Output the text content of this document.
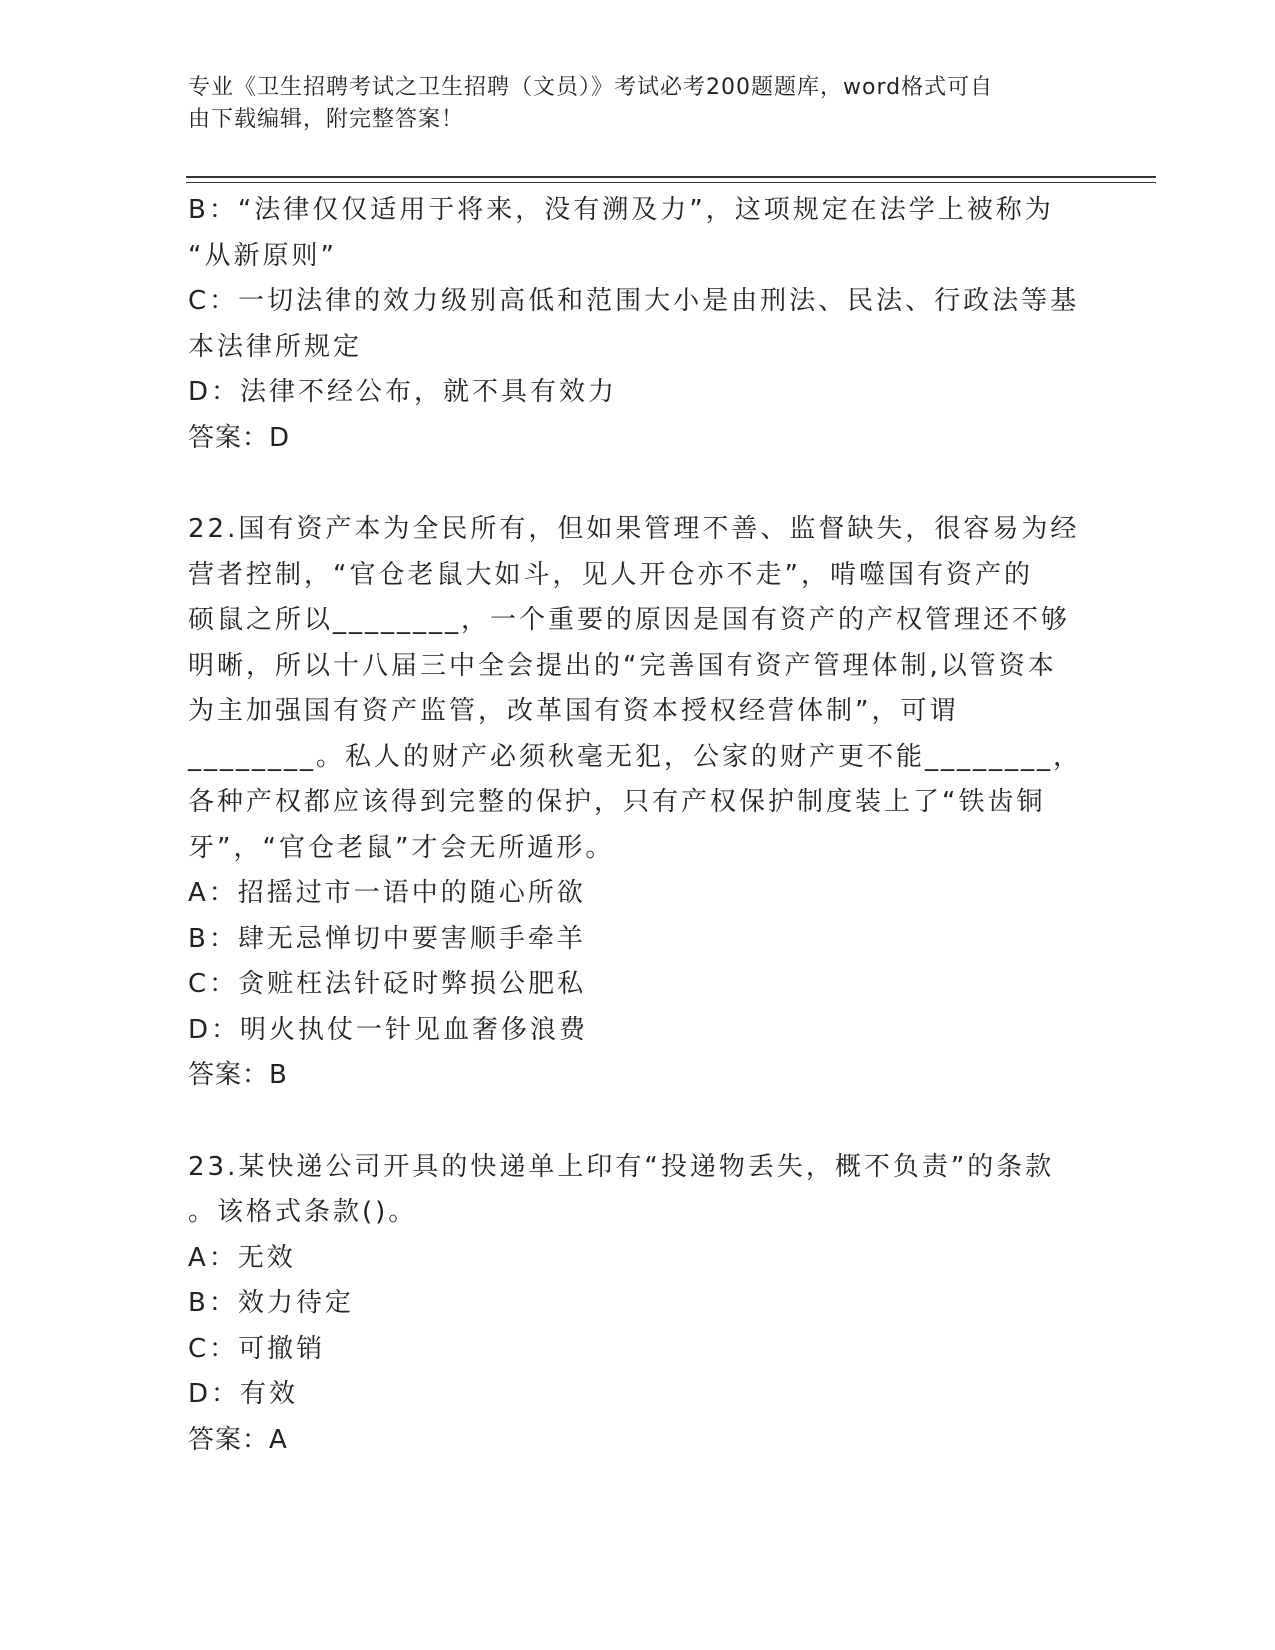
专业《卫生招聘考试之卫生招聘（文员）》考试必考200题题库，word格式可自
由下载编辑，附完整答案！
B：“法律仅仅适用于将来，没有溯及力”，这项规定在法学上被称为
“从新原则”
C：一切法律的效力级别高低和范围大小是由刑法、民法、行政法等基
本法律所规定
D：法律不经公布，就不具有效力
答案：D
22.国有资产本为全民所有，但如果管理不善、监督缺失，很容易为经
营者控制，“官仓老鼠大如斗，见人开仓亦不走”，啃噬国有资产的
硕鼠之所以________，一个重要的原因是国有资产的产权管理还不够
明晰，所以十八届三中全会提出的“完善国有资产管理体制,以管资本
为主加强国有资产监管，改革国有资本授权经营体制”，可谓
________。私人的财产必须秋毫无犯，公家的财产更不能________，
各种产权都应该得到完整的保护，只有产权保护制度装上了“铁齿铜
牙”，“官仓老鼠”才会无所遁形。
A：招摇过市一语中的随心所欲
B：肆无忌惮切中要害顺手牵羊
C：贪赃枉法针砭时弊损公肥私
D：明火执仗一针见血奢侈浪费
答案：B
23.某快递公司开具的快递单上印有“投递物丢失，概不负责”的条款
。该格式条款()。
A：无效
B：效力待定
C：可撤销
D：有效
答案：A
